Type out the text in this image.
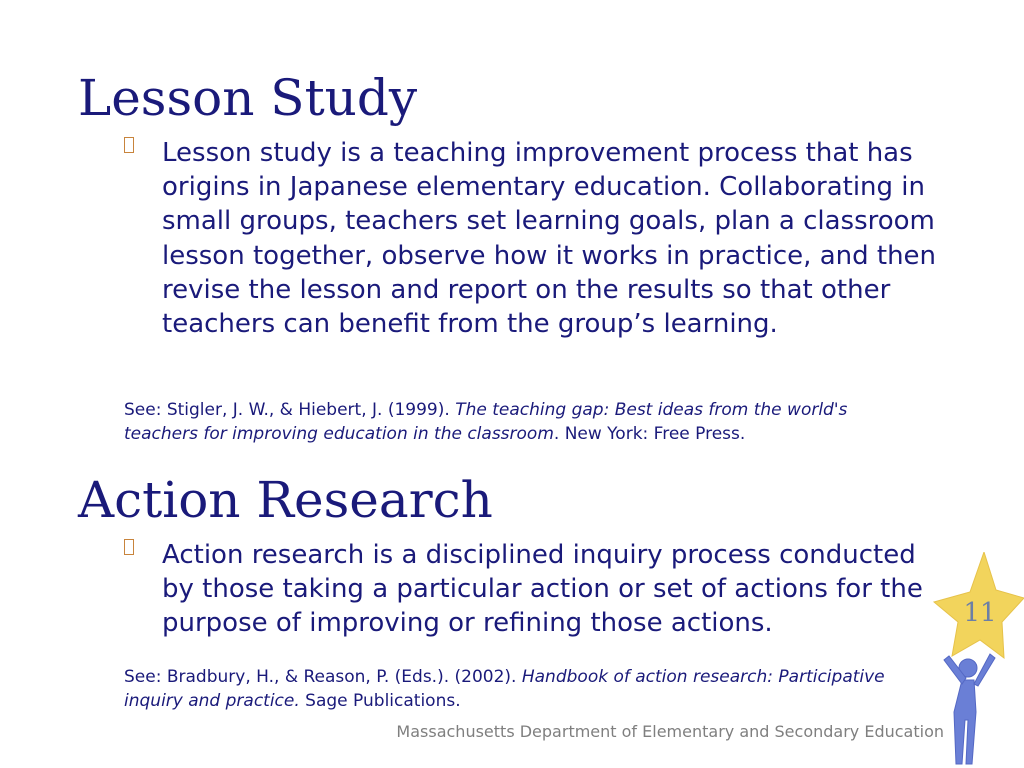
Lesson Study
Lesson study is a teaching improvement process that has origins in Japanese elementary education. Collaborating in small groups, teachers set learning goals, plan a classroom lesson together, observe how it works in practice, and then revise the lesson and report on the results so that other teachers can benefit from the group’s learning.
See: Stigler, J. W., & Hiebert, J. (1999). The teaching gap: Best ideas from the world's teachers for improving education in the classroom. New York: Free Press.
Action Research
Action research is a disciplined inquiry process conducted by those taking a particular action or set of actions for the purpose of improving or refining those actions.
See: Bradbury, H., & Reason, P. (Eds.). (2002). Handbook of action research: Participative inquiry and practice. Sage Publications.
Massachusetts Department of Elementary and Secondary Education
11
